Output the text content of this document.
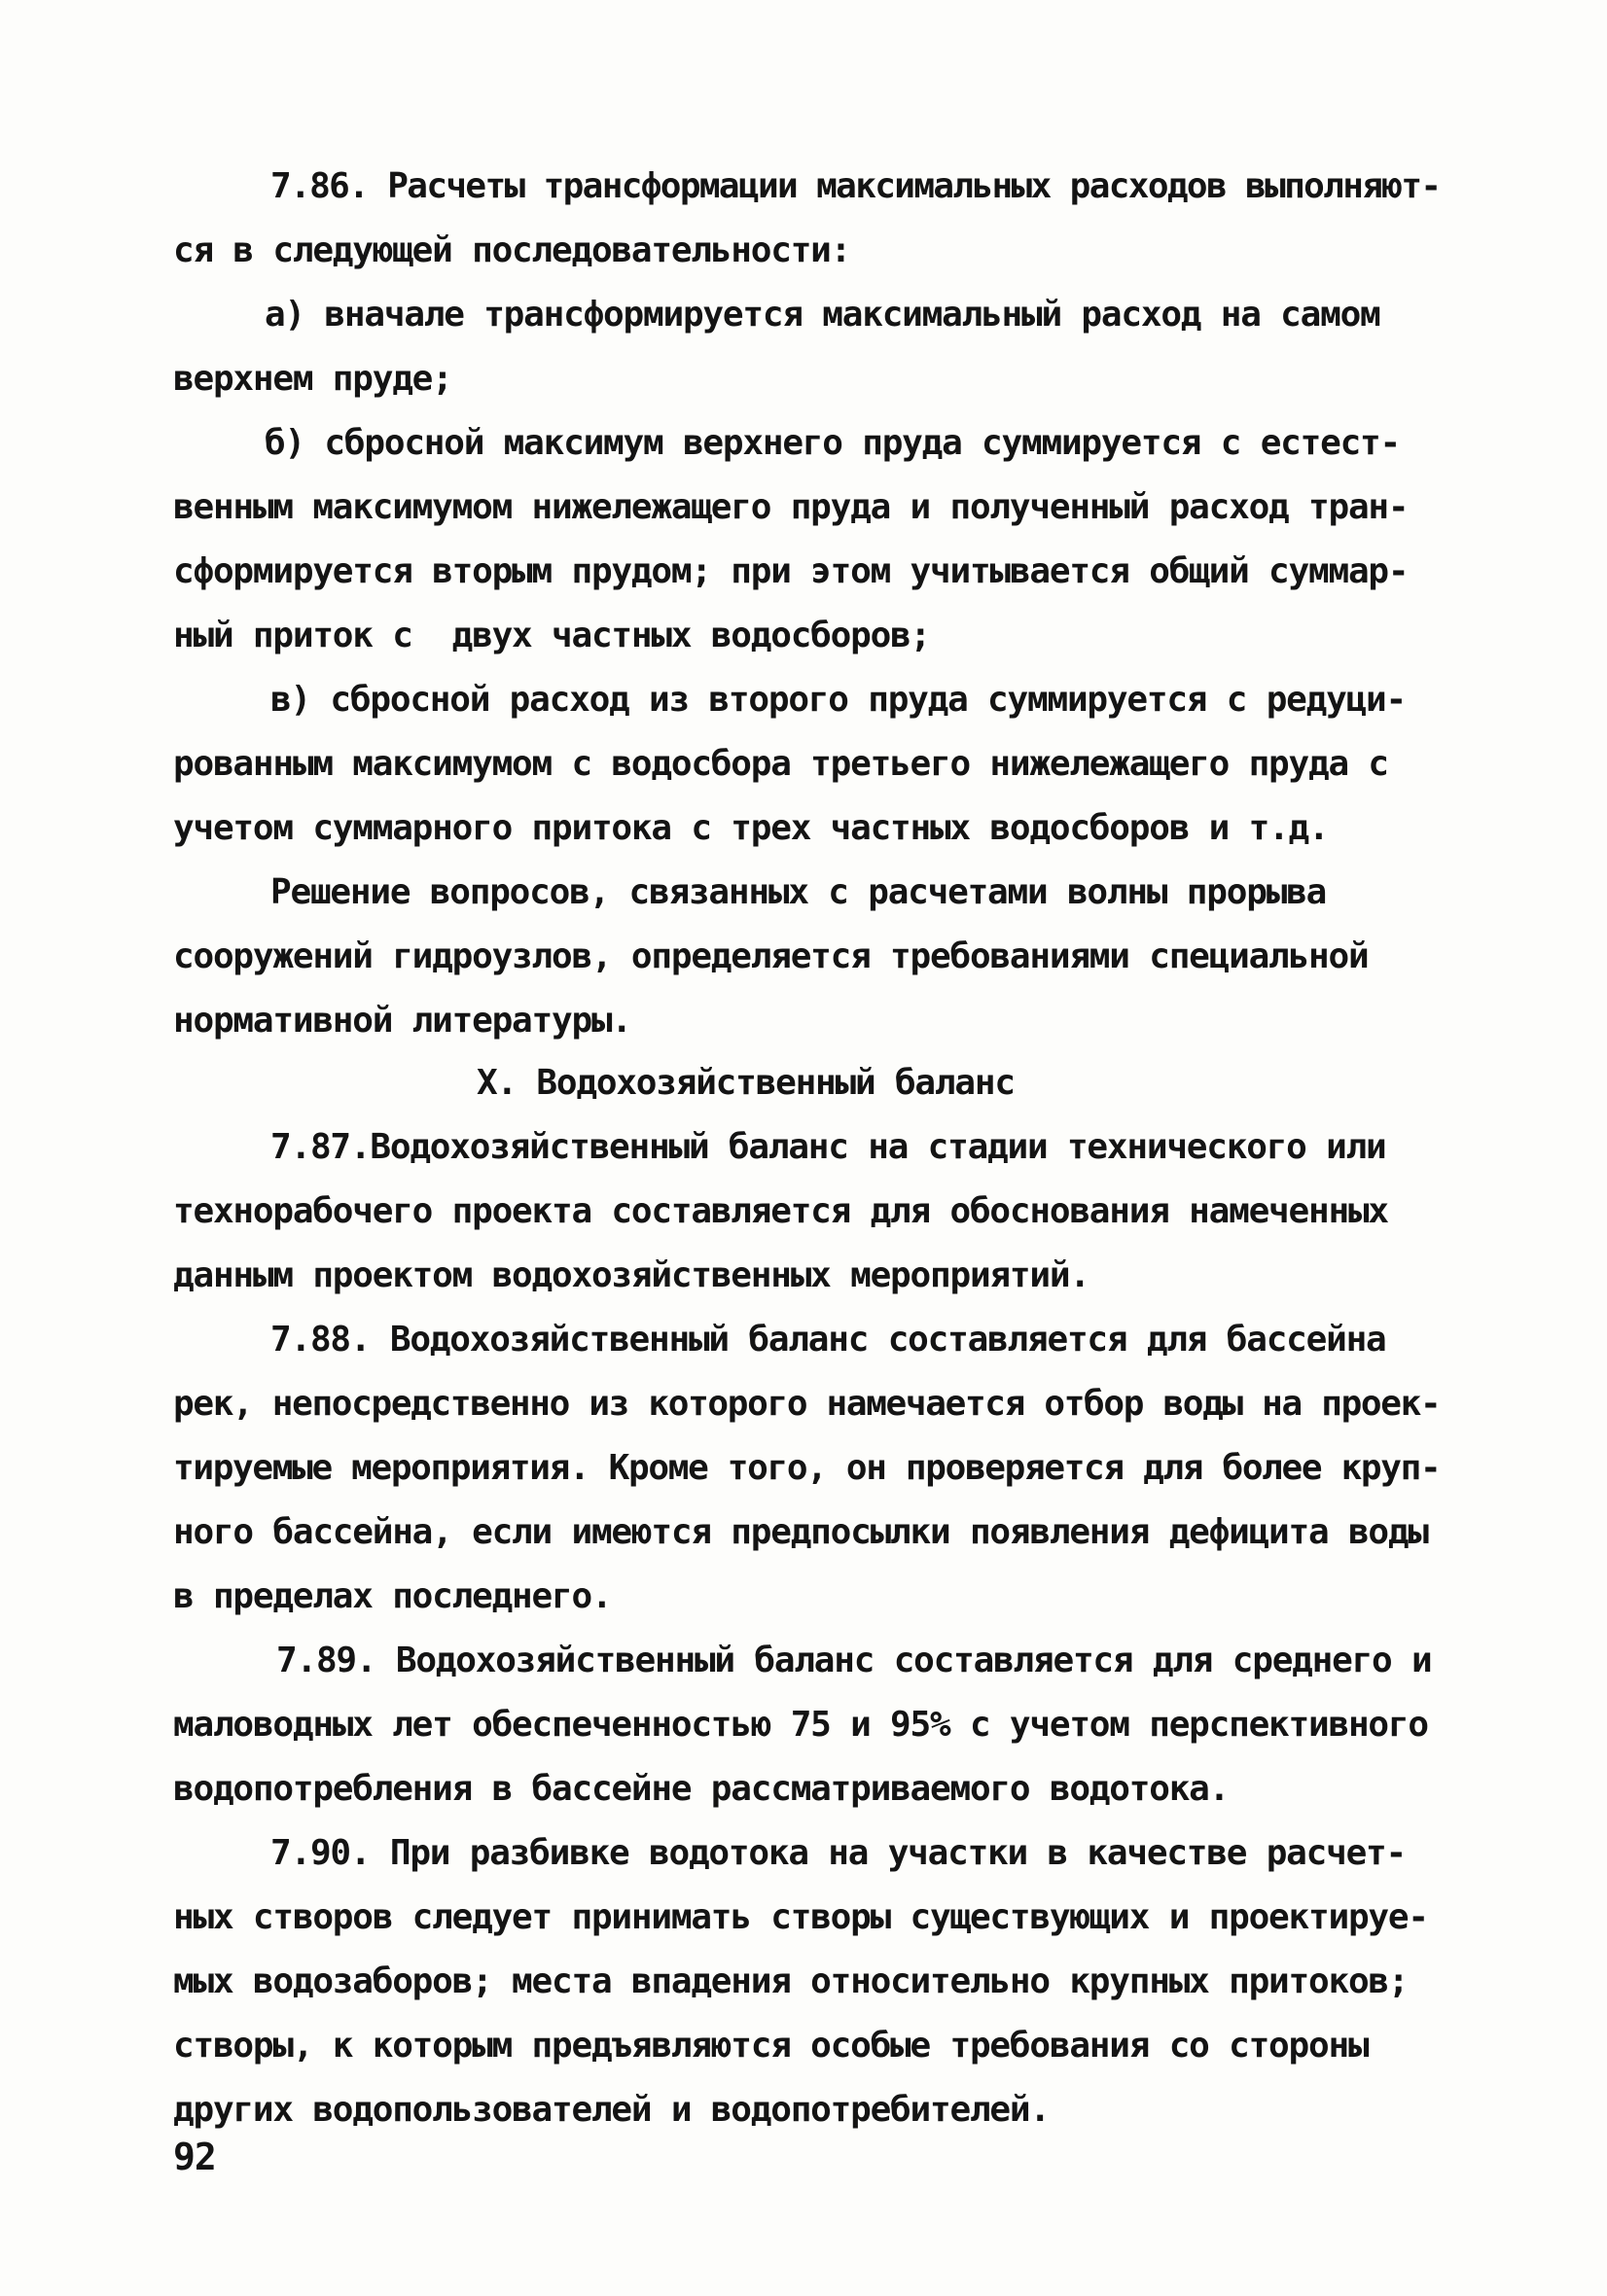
7.86. Расчеты трансформации максимальных расходов выполняют-
ся в следующей последовательности:
а) вначале трансформируется максимальный расход на самом
верхнем пруде;
б) сбросной максимум верхнего пруда суммируется с естест-
венным максимумом нижележащего пруда и полученный расход тран-
сформируется вторым прудом; при этом учитывается общий суммар-
ный приток с  двух частных водосборов;
в) сбросной расход из второго пруда суммируется с редуци-
рованным максимумом с водосбора третьего нижележащего пруда с
учетом суммарного притока с трех частных водосборов и т.д.
Решение вопросов, связанных с расчетами волны прорыва
сооружений гидроузлов, определяется требованиями специальной
нормативной литературы.
Х. Водохозяйственный баланс
7.87.Водохозяйственный баланс на стадии технического или
технорабочего проекта составляется для обоснования намеченных
данным проектом водохозяйственных мероприятий.
7.88. Водохозяйственный баланс составляется для бассейна
рек, непосредственно из которого намечается отбор воды на проек-
тируемые мероприятия. Кроме того, он проверяется для более круп-
ного бассейна, если имеются предпосылки появления дефицита воды
в пределах последнего.
7.89. Водохозяйственный баланс составляется для среднего и
маловодных лет обеспеченностью 75 и 95% с учетом перспективного
водопотребления в бассейне рассматриваемого водотока.
7.90. При разбивке водотока на участки в качестве расчет-
ных створов следует принимать створы существующих и проектируе-
мых водозаборов; места впадения относительно крупных притоков;
створы, к которым предъявляются особые требования со стороны
других водопользователей и водопотребителей.
92
